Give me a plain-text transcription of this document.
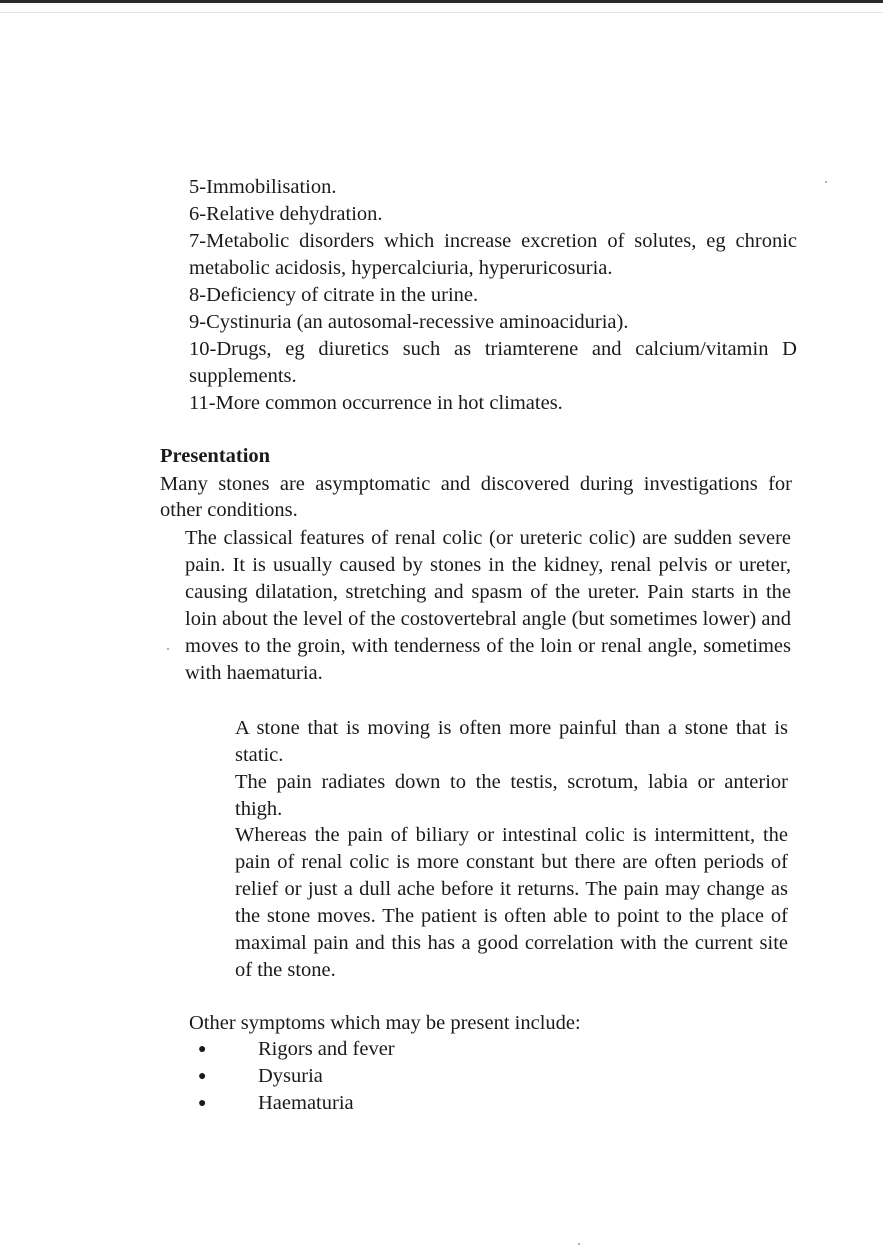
5-Immobilisation.

6-Relative dehydration.

7-Metabolic disorders which increase excretion of solutes, eg chronic metabolic acidosis, hypercalciuria, hyperuricosuria.

8-Deficiency of citrate in the urine.

9-Cystinuria (an autosomal-recessive aminoaciduria).

10-Drugs, eg diuretics such as triamterene and calcium/vitamin D supplements.

11-More common occurrence in hot climates.

Presentation

Many stones are asymptomatic and discovered during investigations for other conditions.

The classical features of renal colic (or ureteric colic) are sudden severe pain. It is usually caused by stones in the kidney, renal pelvis or ureter, causing dilatation, stretching and spasm of the ureter. Pain starts in the loin about the level of the costovertebral angle (but sometimes lower) and moves to the groin, with tenderness of the loin or renal angle, sometimes with haematuria.

A stone that is moving is often more painful than a stone that is static.

The pain radiates down to the testis, scrotum, labia or anterior thigh.

Whereas the pain of biliary or intestinal colic is intermittent, the pain of renal colic is more constant but there are often periods of relief or just a dull ache before it returns. The pain may change as the stone moves. The patient is often able to point to the place of maximal pain and this has a good correlation with the current site of the stone.

Other symptoms which may be present include:

●	Rigors and fever
●	Dysuria
●	Haematuria
